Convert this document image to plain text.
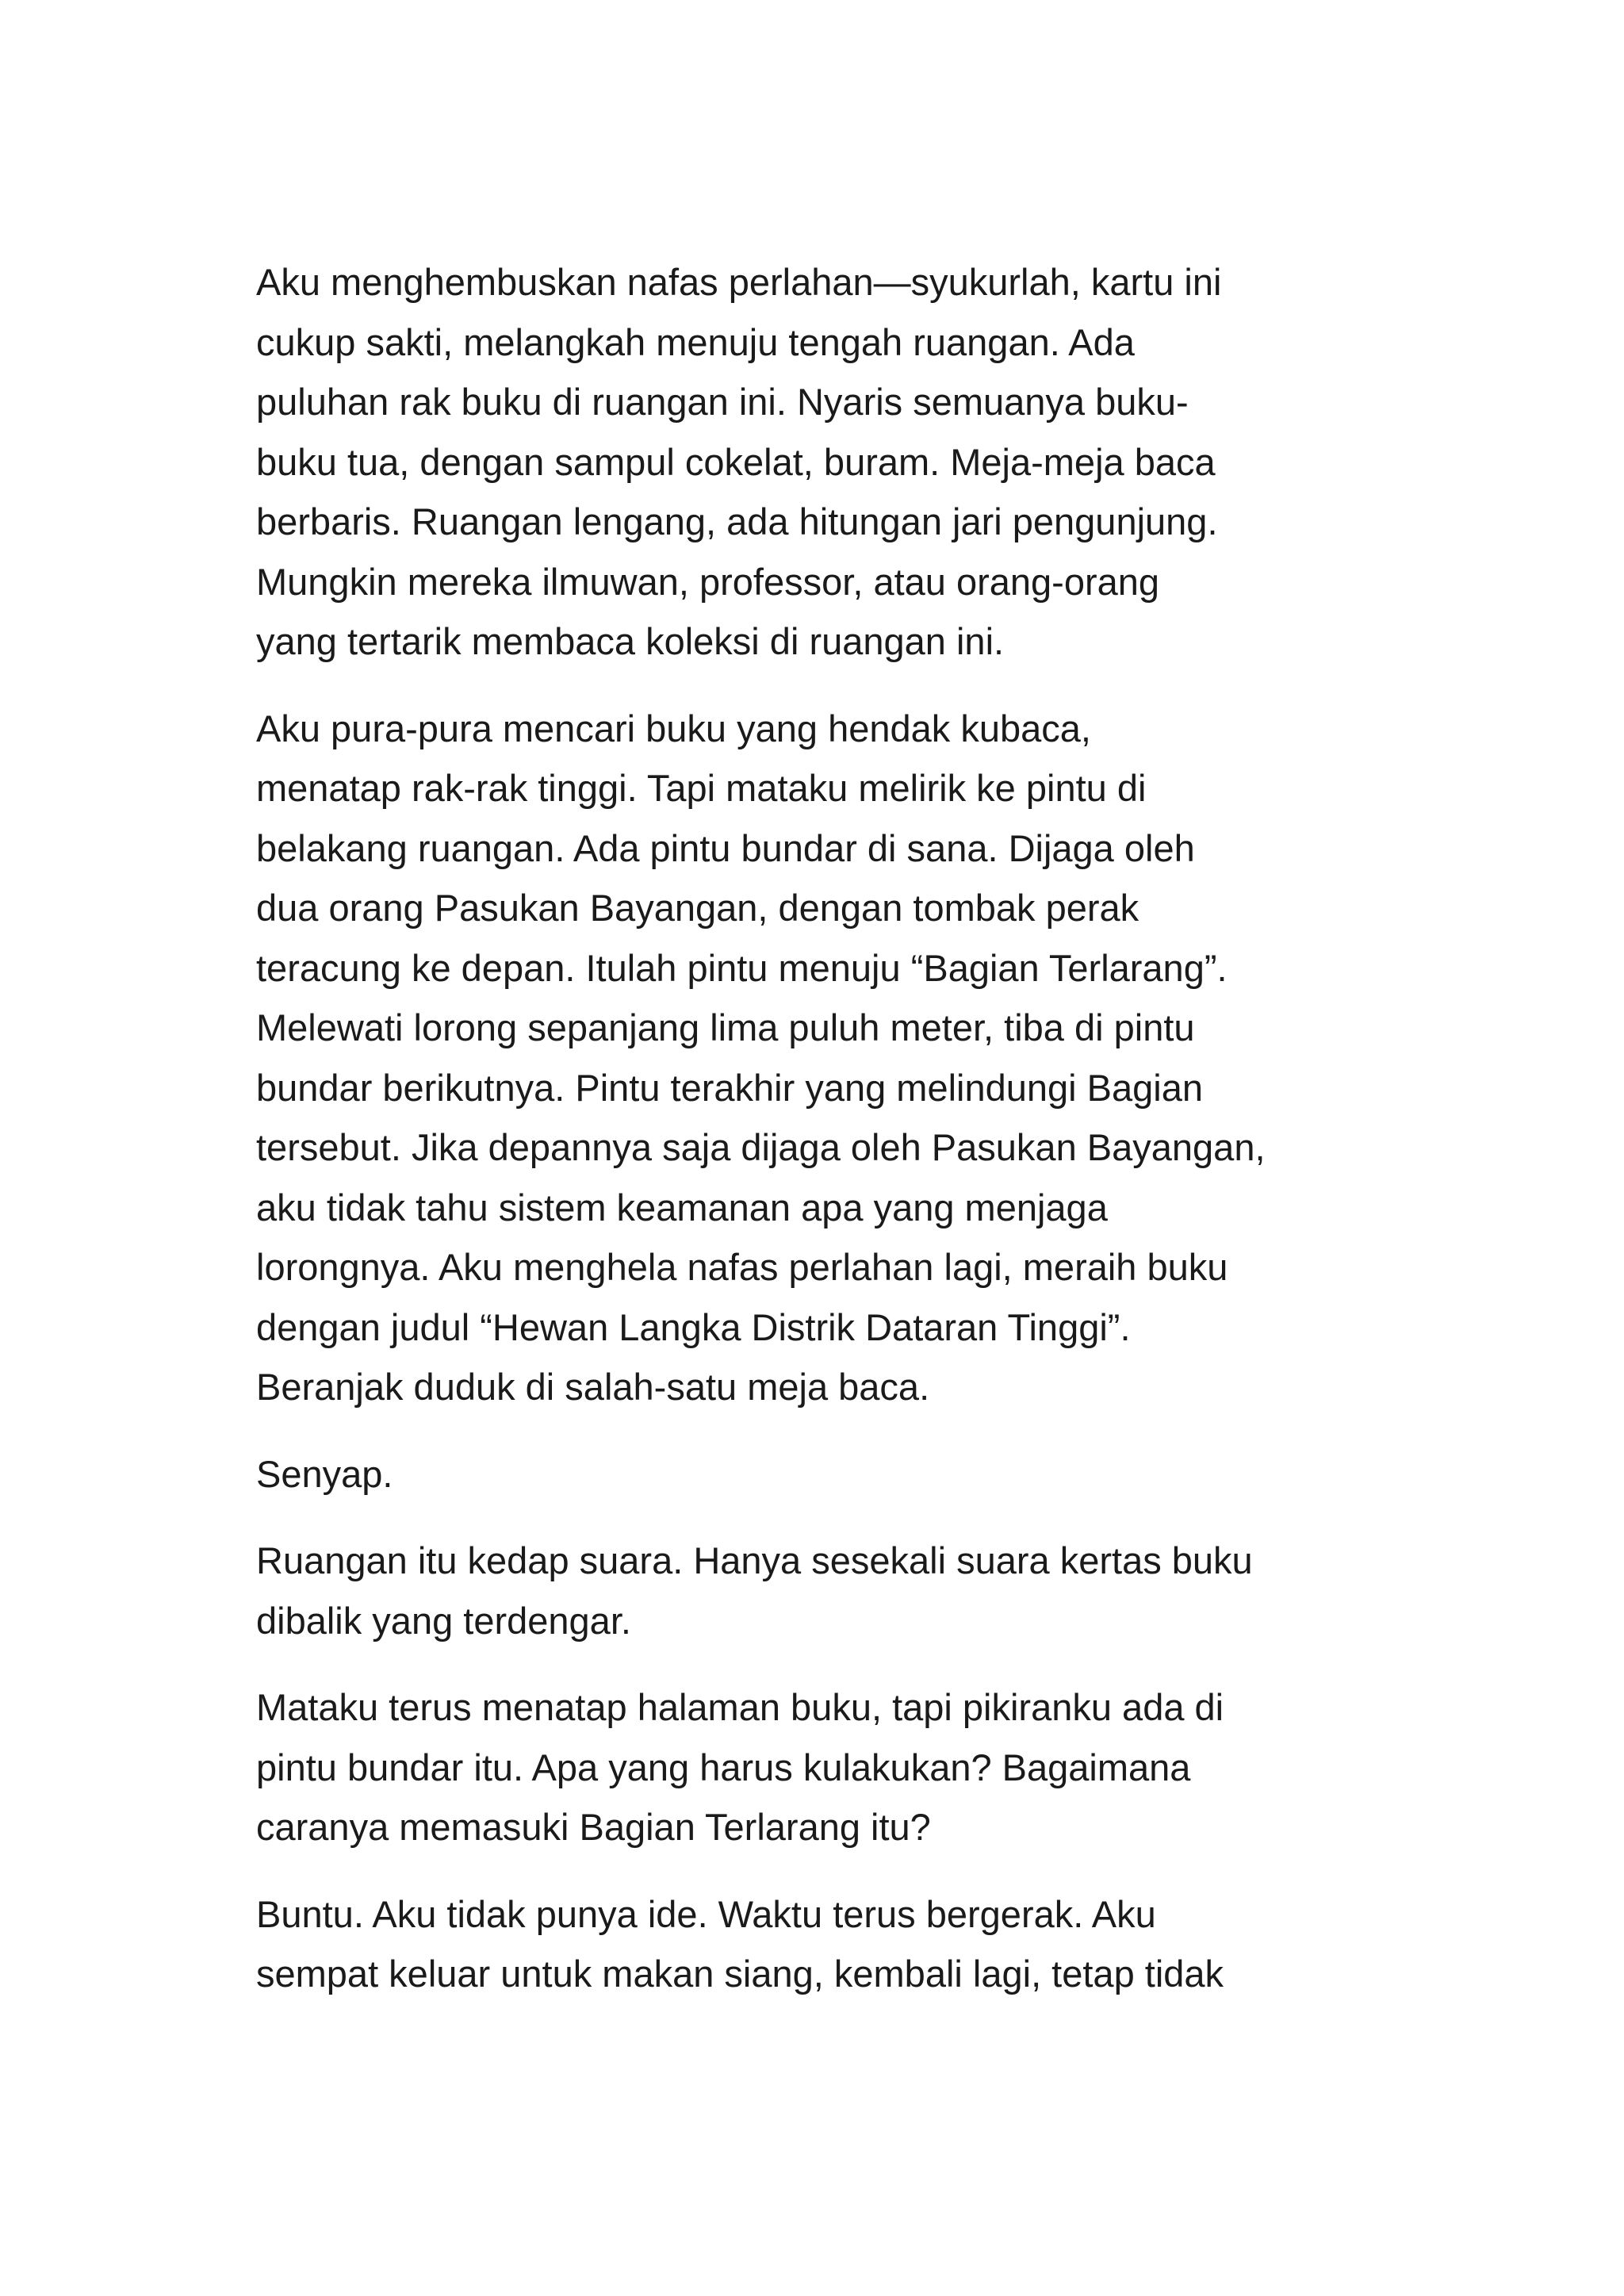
Aku menghembuskan nafas perlahan—syukurlah, kartu ini
cukup sakti, melangkah menuju tengah ruangan. Ada
puluhan rak buku di ruangan ini. Nyaris semuanya buku-
buku tua, dengan sampul cokelat, buram. Meja-meja baca
berbaris. Ruangan lengang, ada hitungan jari pengunjung.
Mungkin mereka ilmuwan, professor, atau orang-orang
yang tertarik membaca koleksi di ruangan ini.

Aku pura-pura mencari buku yang hendak kubaca,
menatap rak-rak tinggi. Tapi mataku melirik ke pintu di
belakang ruangan. Ada pintu bundar di sana. Dijaga oleh
dua orang Pasukan Bayangan, dengan tombak perak
teracung ke depan. Itulah pintu menuju “Bagian Terlarang”.
Melewati lorong sepanjang lima puluh meter, tiba di pintu
bundar berikutnya. Pintu terakhir yang melindungi Bagian
tersebut. Jika depannya saja dijaga oleh Pasukan Bayangan,
aku tidak tahu sistem keamanan apa yang menjaga
lorongnya. Aku menghela nafas perlahan lagi, meraih buku
dengan judul “Hewan Langka Distrik Dataran Tinggi”.
Beranjak duduk di salah-satu meja baca.

Senyap.

Ruangan itu kedap suara. Hanya sesekali suara kertas buku
dibalik yang terdengar.

Mataku terus menatap halaman buku, tapi pikiranku ada di
pintu bundar itu. Apa yang harus kulakukan? Bagaimana
caranya memasuki Bagian Terlarang itu?

Buntu. Aku tidak punya ide. Waktu terus bergerak. Aku
sempat keluar untuk makan siang, kembali lagi, tetap tidak
